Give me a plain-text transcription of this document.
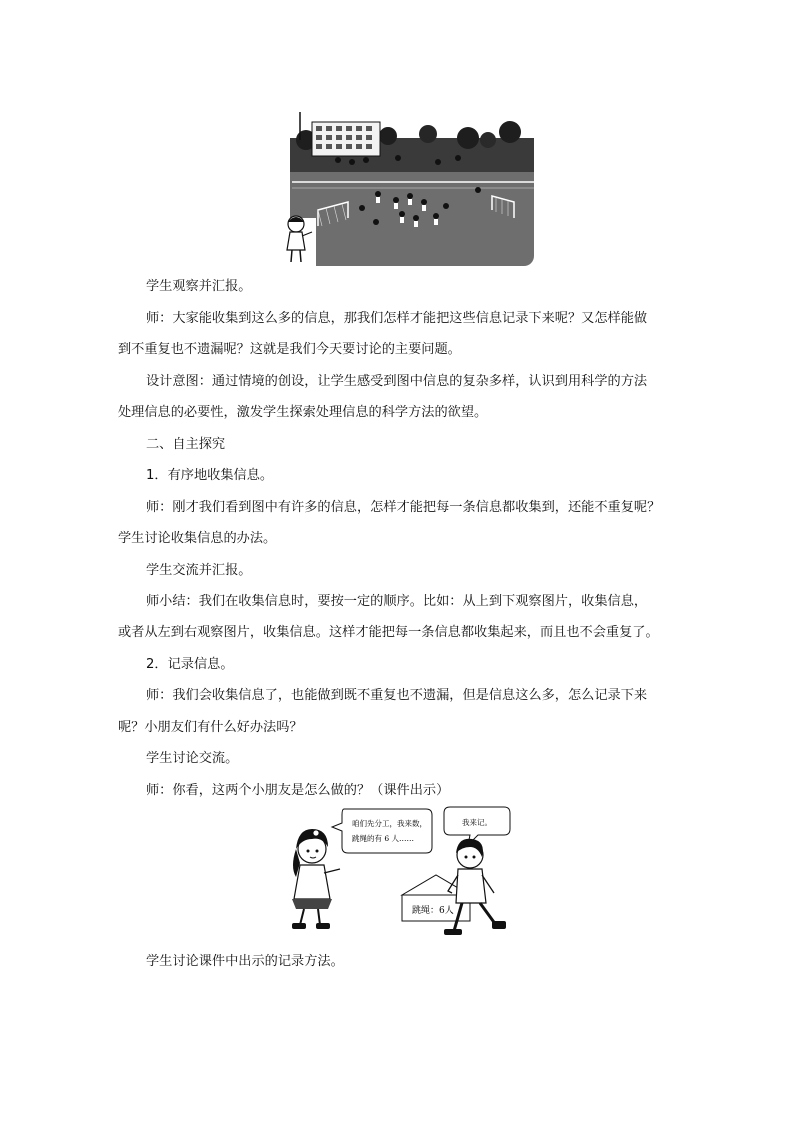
学生观察并汇报。

师：大家能收集到这么多的信息，那我们怎样才能把这些信息记录下来呢？又怎样能做

到不重复也不遗漏呢？这就是我们今天要讨论的主要问题。

设计意图：通过情境的创设，让学生感受到图中信息的复杂多样，认识到用科学的方法

处理信息的必要性，激发学生探索处理信息的科学方法的欲望。

二、自主探究

1．有序地收集信息。

师：刚才我们看到图中有许多的信息，怎样才能把每一条信息都收集到，还能不重复呢？

学生讨论收集信息的办法。

学生交流并汇报。

师小结：我们在收集信息时，要按一定的顺序。比如：从上到下观察图片，收集信息，

或者从左到右观察图片，收集信息。这样才能把每一条信息都收集起来，而且也不会重复了。

2．记录信息。

师：我们会收集信息了，也能做到既不重复也不遗漏，但是信息这么多，怎么记录下来

呢？小朋友们有什么好办法吗？

学生讨论交流。

师：你看，这两个小朋友是怎么做的？（课件出示）

咱们先分工，我来数，
跳绳的有 6 人……
我来记。
跳绳：6人

学生讨论课件中出示的记录方法。
